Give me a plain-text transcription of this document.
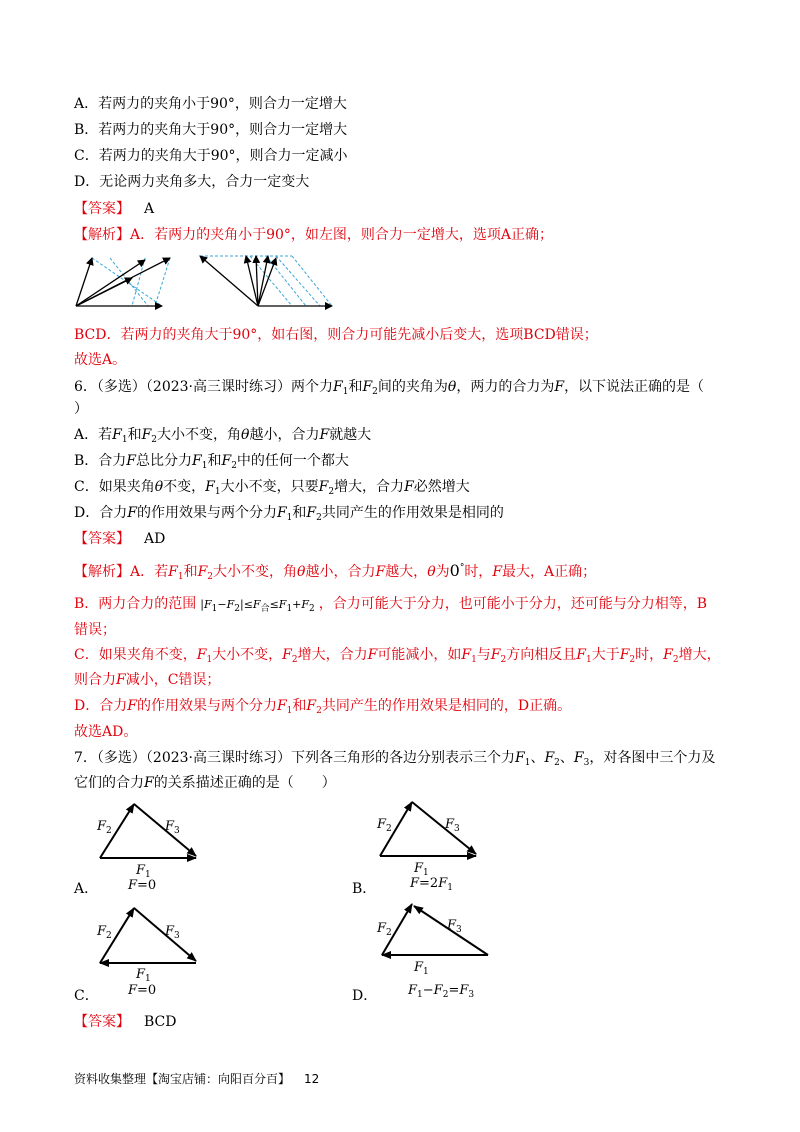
A．若两力的夹角小于90°，则合力一定增大
B．若两力的夹角大于90°，则合力一定增大
C．若两力的夹角大于90°，则合力一定减小
D．无论两力夹角多大，合力一定变大
【答案】 A
【解析】A．若两力的夹角小于90°，如左图，则合力一定增大，选项A正确；
BCD．若两力的夹角大于90°，如右图，则合力可能先减小后变大，选项BCD错误；
故选A。
6．（多选）（2023·高三课时练习）两个力$F_1$和$F_2$间的夹角为θ，两力的合力为F，以下说法正确的是（
）
A．若$F_1$和$F_2$大小不变，角θ越小，合力F就越大
B．合力F总比分力$F_1$和$F_2$中的任何一个都大
C．如果夹角θ不变，$F_1$大小不变，只要$F_2$增大，合力F必然增大
D．合力F的作用效果与两个分力$F_1$和$F_2$共同产生的作用效果是相同的
【答案】 AD
【解析】A．若$F_1$和$F_2$大小不变，角θ越小，合力F越大，θ为0°时，F最大，A正确；
B．两力合力的范围 $|F_1-F_2|\le F_合\le F_1+F_2$ ，合力可能大于分力，也可能小于分力，还可能与分力相等，B
错误；
C．如果夹角不变，$F_1$大小不变，$F_2$增大，合力F可能减小，如$F_1$与$F_2$方向相反且$F_1$大于$F_2$时，$F_2$增大，
则合力F减小，C错误；
D．合力F的作用效果与两个分力$F_1$和$F_2$共同产生的作用效果是相同的，D正确。
故选AD。
7．（多选）（2023·高三课时练习）下列各三角形的各边分别表示三个力$F_1$、$F_2$、$F_3$，对各图中三个力及
它们的合力F的关系描述正确的是（　　）
$F_2$	$F_3$
$F_1$
$F_2$	$F_3$
$F_1$
$F_2$	$F_3$
$F_1$
$F_2$	$F_3$
$F_1$
A． F=0	B．	$F=2F_1$
C． F=0	D． $F_1-F_2=F_3$
【答案】 BCD
资料收集整理【淘宝店铺：向阳百分百】 12
